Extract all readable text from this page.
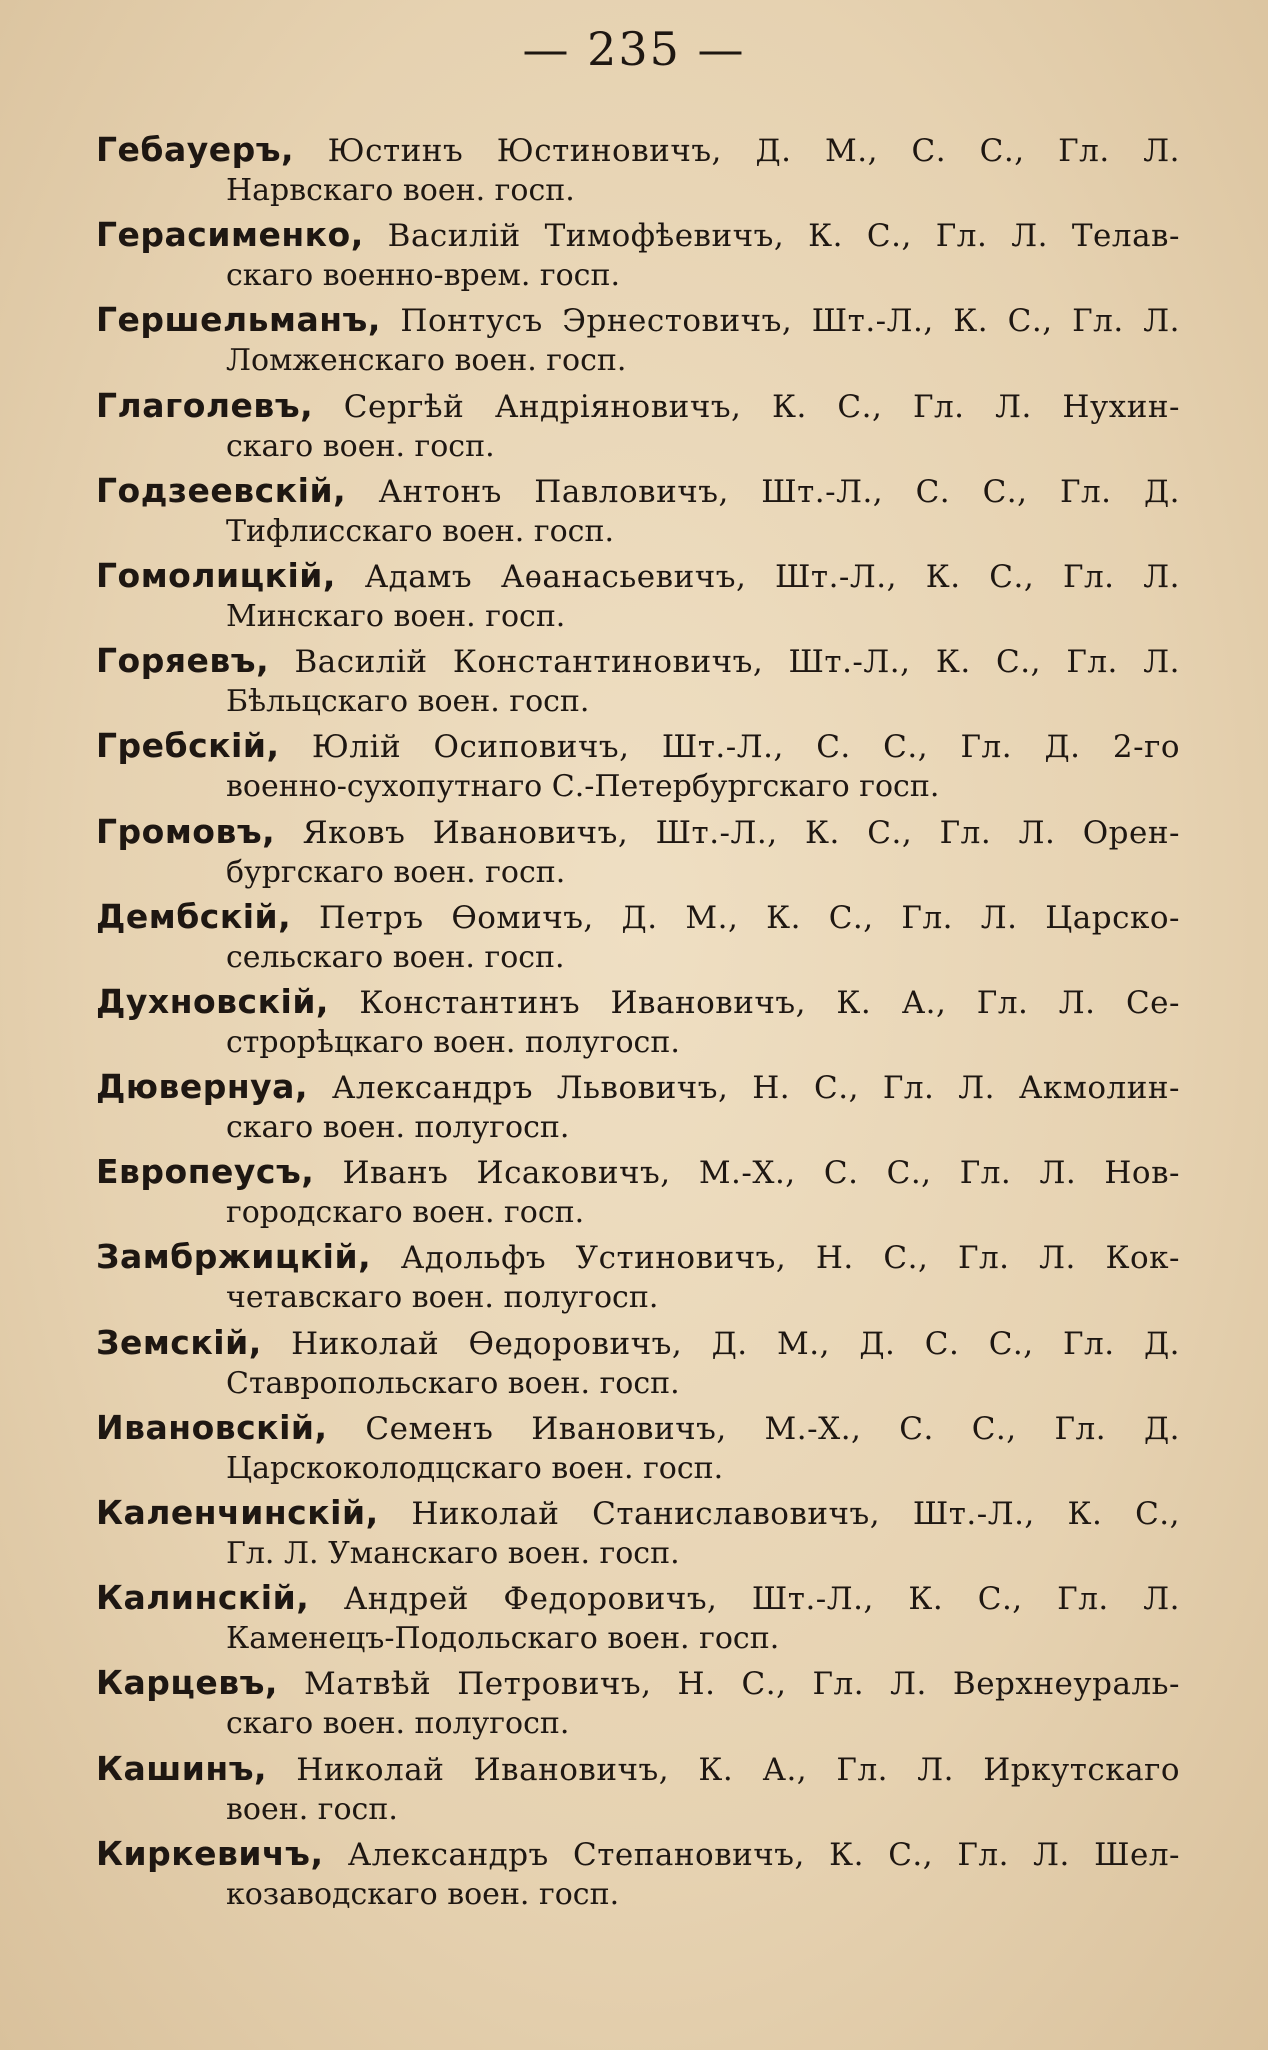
— 235 —
Гебауеръ, Юстинъ Юстиновичъ, Д. М., С. С., Гл. Л.
Нарвскаго воен. госп.
Герасименко, Василій Тимофѣевичъ, К. С., Гл. Л. Телав-
скаго военно-врем. госп.
Гершельманъ, Понтусъ Эрнестовичъ, Шт.-Л., К. С., Гл. Л.
Ломженскаго воен. госп.
Глаголевъ, Сергѣй Андріяновичъ, К. С., Гл. Л. Нухин-
скаго воен. госп.
Годзеевскій, Антонъ Павловичъ, Шт.-Л., С. С., Гл. Д.
Тифлисскаго воен. госп.
Гомолицкій, Адамъ Аѳанасьевичъ, Шт.-Л., К. С., Гл. Л.
Минскаго воен. госп.
Горяевъ, Василій Константиновичъ, Шт.-Л., К. С., Гл. Л.
Бѣльцскаго воен. госп.
Гребскій, Юлій Осиповичъ, Шт.-Л., С. С., Гл. Д. 2-го
военно-сухопутнаго С.-Петербургскаго госп.
Громовъ, Яковъ Ивановичъ, Шт.-Л., К. С., Гл. Л. Орен-
бургскаго воен. госп.
Дембскій, Петръ Ѳомичъ, Д. М., К. С., Гл. Л. Царско-
сельскаго воен. госп.
Духновскій, Константинъ Ивановичъ, К. А., Гл. Л. Се-
строрѣцкаго воен. полугосп.
Дювернуа, Александръ Львовичъ, Н. С., Гл. Л. Акмолин-
скаго воен. полугосп.
Европеусъ, Иванъ Исаковичъ, М.-Х., С. С., Гл. Л. Нов-
городскаго воен. госп.
Замбржицкій, Адольфъ Устиновичъ, Н. С., Гл. Л. Кок-
четавскаго воен. полугосп.
Земскій, Николай Ѳедоровичъ, Д. М., Д. С. С., Гл. Д.
Ставропольскаго воен. госп.
Ивановскій, Семенъ Ивановичъ, М.-Х., С. С., Гл. Д.
Царскоколодцскаго воен. госп.
Каленчинскій, Николай Станиславовичъ, Шт.-Л., К. С.,
Гл. Л. Уманскаго воен. госп.
Калинскій, Андрей Федоровичъ, Шт.-Л., К. С., Гл. Л.
Каменецъ-Подольскаго воен. госп.
Карцевъ, Матвѣй Петровичъ, Н. С., Гл. Л. Верхнеураль-
скаго воен. полугосп.
Кашинъ, Николай Ивановичъ, К. А., Гл. Л. Иркутскаго
воен. госп.
Киркевичъ, Александръ Степановичъ, К. С., Гл. Л. Шел-
козаводскаго воен. госп.
